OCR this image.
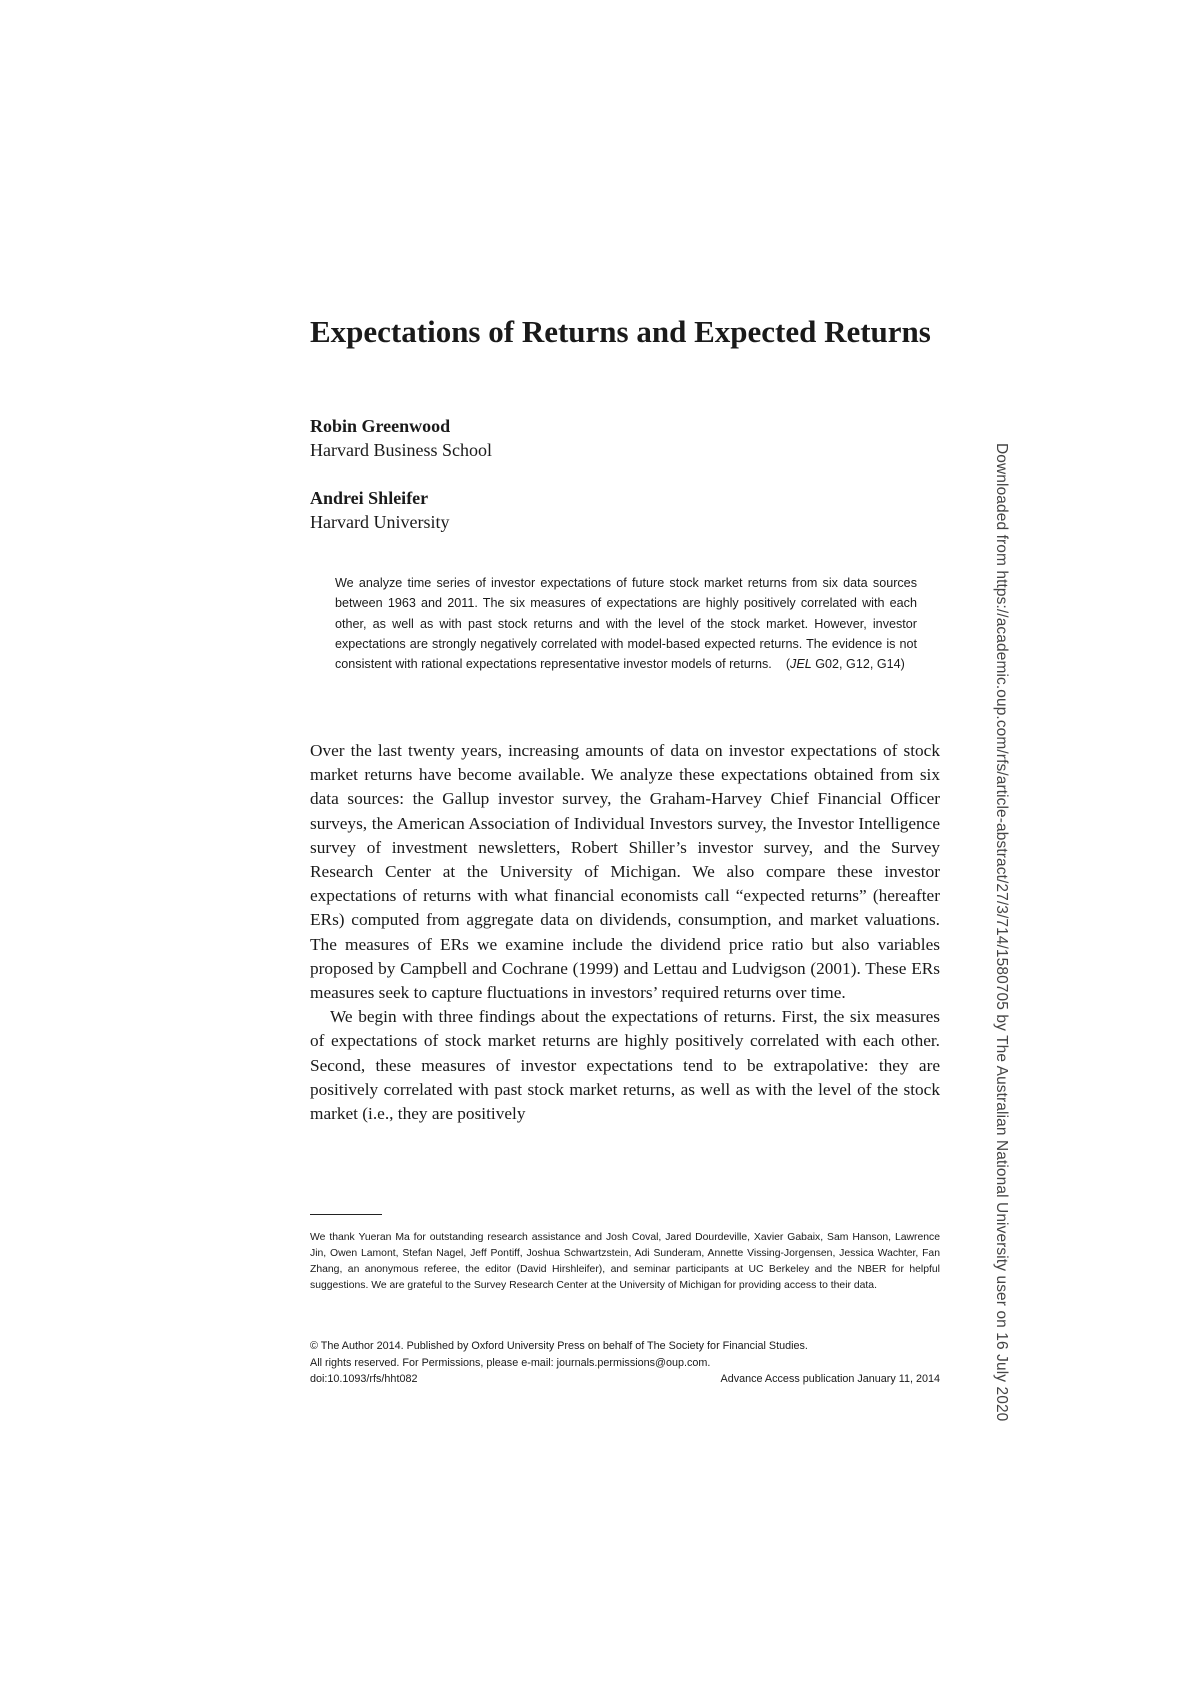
Expectations of Returns and Expected Returns
Robin Greenwood
Harvard Business School
Andrei Shleifer
Harvard University

We analyze time series of investor expectations of future stock market returns from six data sources between 1963 and 2011. The six measures of expectations are highly positively correlated with each other, as well as with past stock returns and with the level of the stock market. However, investor expectations are strongly negatively correlated with model-based expected returns. The evidence is not consistent with rational expectations representative investor models of returns. (JEL G02, G12, G14)

Over the last twenty years, increasing amounts of data on investor expectations of stock market returns have become available. We analyze these expectations obtained from six data sources: the Gallup investor survey, the Graham-Harvey Chief Financial Officer surveys, the American Association of Individual Investors survey, the Investor Intelligence survey of investment newsletters, Robert Shiller’s investor survey, and the Survey Research Center at the University of Michigan. We also compare these investor expectations of returns with what financial economists call “expected returns” (hereafter ERs) computed from aggregate data on dividends, consumption, and market valuations. The measures of ERs we examine include the dividend price ratio but also variables proposed by Campbell and Cochrane (1999) and Lettau and Ludvigson (2001). These ERs measures seek to capture fluctuations in investors’ required returns over time.

We begin with three findings about the expectations of returns. First, the six measures of expectations of stock market returns are highly positively correlated with each other. Second, these measures of investor expectations tend to be extrapolative: they are positively correlated with past stock market returns, as well as with the level of the stock market (i.e., they are positively

We thank Yueran Ma for outstanding research assistance and Josh Coval, Jared Dourdeville, Xavier Gabaix, Sam Hanson, Lawrence Jin, Owen Lamont, Stefan Nagel, Jeff Pontiff, Joshua Schwartzstein, Adi Sunderam, Annette Vissing-Jorgensen, Jessica Wachter, Fan Zhang, an anonymous referee, the editor (David Hirshleifer), and seminar participants at UC Berkeley and the NBER for helpful suggestions. We are grateful to the Survey Research Center at the University of Michigan for providing access to their data.

© The Author 2014. Published by Oxford University Press on behalf of The Society for Financial Studies.
All rights reserved. For Permissions, please e-mail: journals.permissions@oup.com.
doi:10.1093/rfs/hht082	Advance Access publication January 11, 2014	Downloaded from https://academic.oup.com/rfs/article-abstract/27/3/714/1580705 by The Australian National University user on 16 July 2020
